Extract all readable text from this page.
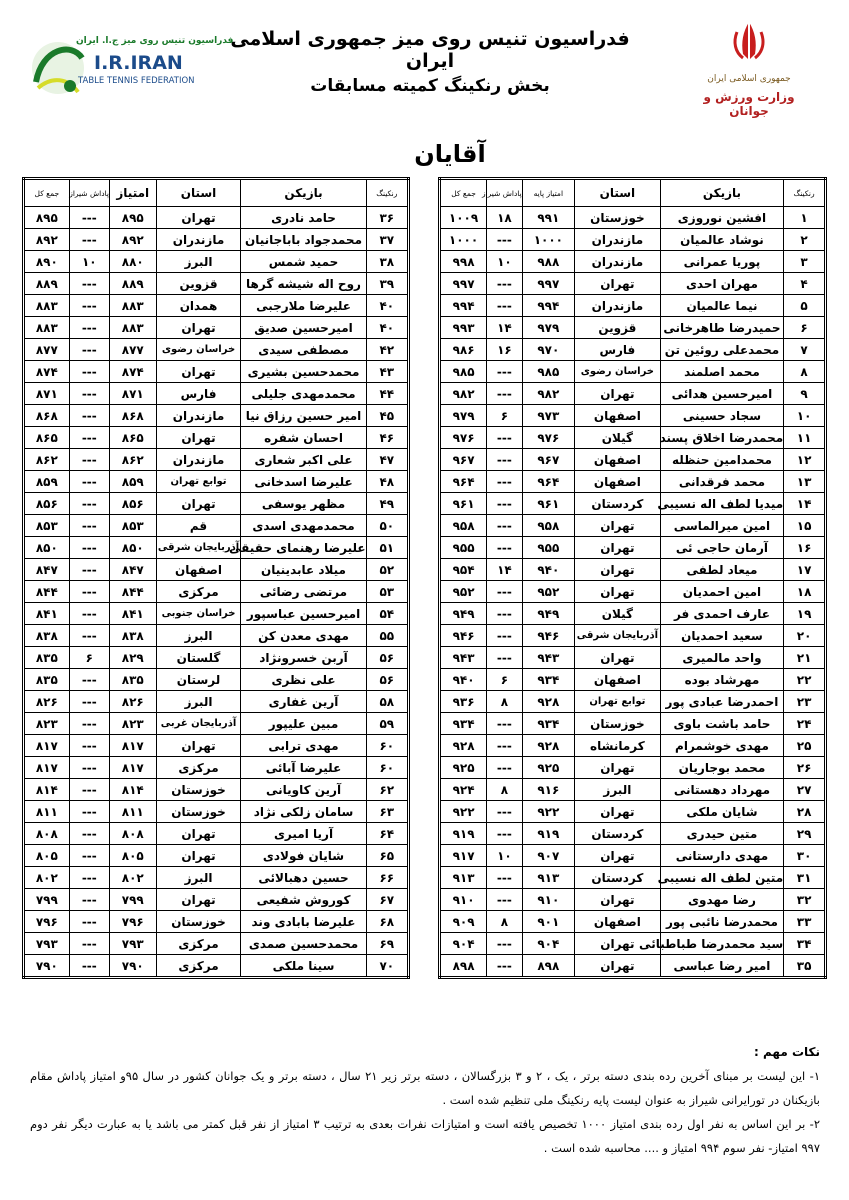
جمهوری اسلامی ایران
وزارت ورزش و جوانان
فدراسیون تنیس روی میز جمهوری اسلامی ایران
بخش رنکینگ کمیته مسابقات
فدراسیون تنیس روی میز ج.ا. ایران
I.R.IRAN
TABLE TENNIS FEDERATION
آقایان
رنکینگ	بازیکن	استان	امتیاز پایه	پاداش شیراز	جمع کل
۱	افشین نوروزی	خوزستان	۹۹۱	۱۸	۱۰۰۹
۲	نوشاد عالمیان	مازندران	۱۰۰۰	---	۱۰۰۰
۳	پوریا عمرانی	مازندران	۹۸۸	۱۰	۹۹۸
۴	مهران احدی	تهران	۹۹۷	---	۹۹۷
۵	نیما عالمیان	مازندران	۹۹۴	---	۹۹۴
۶	حمیدرضا طاهرخانی	قزوین	۹۷۹	۱۴	۹۹۳
۷	محمدعلی روئین تن	فارس	۹۷۰	۱۶	۹۸۶
۸	محمد اصلمند	خراسان رضوی	۹۸۵	---	۹۸۵
۹	امیرحسین هدائی	تهران	۹۸۲	---	۹۸۲
۱۰	سجاد حسینی	اصفهان	۹۷۳	۶	۹۷۹
۱۱	محمدرضا اخلاق پسند	گیلان	۹۷۶	---	۹۷۶
۱۲	محمدامین حنظله	اصفهان	۹۶۷	---	۹۶۷
۱۳	محمد فرقدانی	اصفهان	۹۶۴	---	۹۶۴
۱۴	میدیا لطف اله نسیبی	کردستان	۹۶۱	---	۹۶۱
۱۵	امین میرالماسی	تهران	۹۵۸	---	۹۵۸
۱۶	آرمان حاجی ئی	تهران	۹۵۵	---	۹۵۵
۱۷	میعاد لطفی	تهران	۹۴۰	۱۴	۹۵۴
۱۸	امین احمدیان	تهران	۹۵۲	---	۹۵۲
۱۹	عارف احمدی فر	گیلان	۹۴۹	---	۹۴۹
۲۰	سعید احمدیان	آذربایجان شرقی	۹۴۶	---	۹۴۶
۲۱	واحد مالمیری	تهران	۹۴۳	---	۹۴۳
۲۲	مهرشاد بوده	اصفهان	۹۳۴	۶	۹۴۰
۲۳	احمدرضا عبادی پور	توابع تهران	۹۲۸	۸	۹۳۶
۲۴	حامد باشت باوی	خوزستان	۹۳۴	---	۹۳۴
۲۵	مهدی خوشمرام	کرمانشاه	۹۲۸	---	۹۲۸
۲۶	محمد بوجاریان	تهران	۹۲۵	---	۹۲۵
۲۷	مهرداد دهستانی	البرز	۹۱۶	۸	۹۲۴
۲۸	شایان ملکی	تهران	۹۲۲	---	۹۲۲
۲۹	متین حیدری	کردستان	۹۱۹	---	۹۱۹
۳۰	مهدی دارستانی	تهران	۹۰۷	۱۰	۹۱۷
۳۱	متین لطف اله نسیبی	کردستان	۹۱۳	---	۹۱۳
۳۲	رضا مهدوی	تهران	۹۱۰	---	۹۱۰
۳۳	محمدرضا نائبی پور	اصفهان	۹۰۱	۸	۹۰۹
۳۴	سید محمدرضا طباطبائی	تهران	۹۰۴	---	۹۰۴
۳۵	امیر رضا عباسی	تهران	۸۹۸	---	۸۹۸
رنکینگ	بازیکن	استان	امتیاز	پاداش شیراز	جمع کل
۳۶	حامد نادری	تهران	۸۹۵	---	۸۹۵
۳۷	محمدجواد باباجانیان	مازندران	۸۹۲	---	۸۹۲
۳۸	حمید شمس	البرز	۸۸۰	۱۰	۸۹۰
۳۹	روح اله شیشه گرها	قزوین	۸۸۹	---	۸۸۹
۴۰	علیرضا ملارجبی	همدان	۸۸۳	---	۸۸۳
۴۰	امیرحسین صدیق	تهران	۸۸۳	---	۸۸۳
۴۲	مصطفی سیدی	خراسان رضوی	۸۷۷	---	۸۷۷
۴۳	محمدحسین بشیری	تهران	۸۷۴	---	۸۷۴
۴۴	محمدمهدی جلیلی	فارس	۸۷۱	---	۸۷۱
۴۵	امیر حسین رزاق نیا	مازندران	۸۶۸	---	۸۶۸
۴۶	احسان شفره	تهران	۸۶۵	---	۸۶۵
۴۷	علی اکبر شعاری	مازندران	۸۶۲	---	۸۶۲
۴۸	علیرضا اسدخانی	توابع تهران	۸۵۹	---	۸۵۹
۴۹	مظهر یوسفی	تهران	۸۵۶	---	۸۵۶
۵۰	محمدمهدی اسدی	قم	۸۵۳	---	۸۵۳
۵۱	علیرضا رهنمای حقیقی	آذربایجان شرقی	۸۵۰	---	۸۵۰
۵۲	میلاد عابدینیان	اصفهان	۸۴۷	---	۸۴۷
۵۳	مرتضی رضائی	مرکزی	۸۴۴	---	۸۴۴
۵۴	امیرحسین عباسپور	خراسان جنوبی	۸۴۱	---	۸۴۱
۵۵	مهدی معدن کن	البرز	۸۳۸	---	۸۳۸
۵۶	آربن خسرونژاد	گلستان	۸۲۹	۶	۸۳۵
۵۶	علی نظری	لرستان	۸۳۵	---	۸۳۵
۵۸	آرین غفاری	البرز	۸۲۶	---	۸۲۶
۵۹	مبین علیپور	آذربایجان غربی	۸۲۳	---	۸۲۳
۶۰	مهدی ترابی	تهران	۸۱۷	---	۸۱۷
۶۰	علیرضا آبائی	مرکزی	۸۱۷	---	۸۱۷
۶۲	آرین کاویانی	خوزستان	۸۱۴	---	۸۱۴
۶۳	سامان زلکی نژاد	خوزستان	۸۱۱	---	۸۱۱
۶۴	آریا امیری	تهران	۸۰۸	---	۸۰۸
۶۵	شایان فولادی	تهران	۸۰۵	---	۸۰۵
۶۶	حسین دهبالائی	البرز	۸۰۲	---	۸۰۲
۶۷	کوروش شفیعی	تهران	۷۹۹	---	۷۹۹
۶۸	علیرضا بابادی وند	خوزستان	۷۹۶	---	۷۹۶
۶۹	محمدحسین صمدی	مرکزی	۷۹۳	---	۷۹۳
۷۰	سینا ملکی	مرکزی	۷۹۰	---	۷۹۰
نکات مهم :

۱- این لیست بر مبنای آخرین رده بندی دسته برتر ، یک ، ۲ و ۳ بزرگسالان ، دسته برتر زیر ۲۱ سال ، دسته برتر و یک جوانان کشور در سال ۹۵و امتیاز پاداش مقام بازیکنان در تورایرانی شیراز به عنوان لیست پایه رنکینگ ملی تنظیم شده است .

۲- بر این اساس به نفر اول رده بندی امتیاز ۱۰۰۰ تخصیص یافته است و امتیازات نفرات بعدی به ترتیب ۳ امتیاز از نفر قبل کمتر می باشد یا به عبارت دیگر نفر دوم ۹۹۷ امتیاز- نفر سوم ۹۹۴ امتیاز و .... محاسبه شده است .
